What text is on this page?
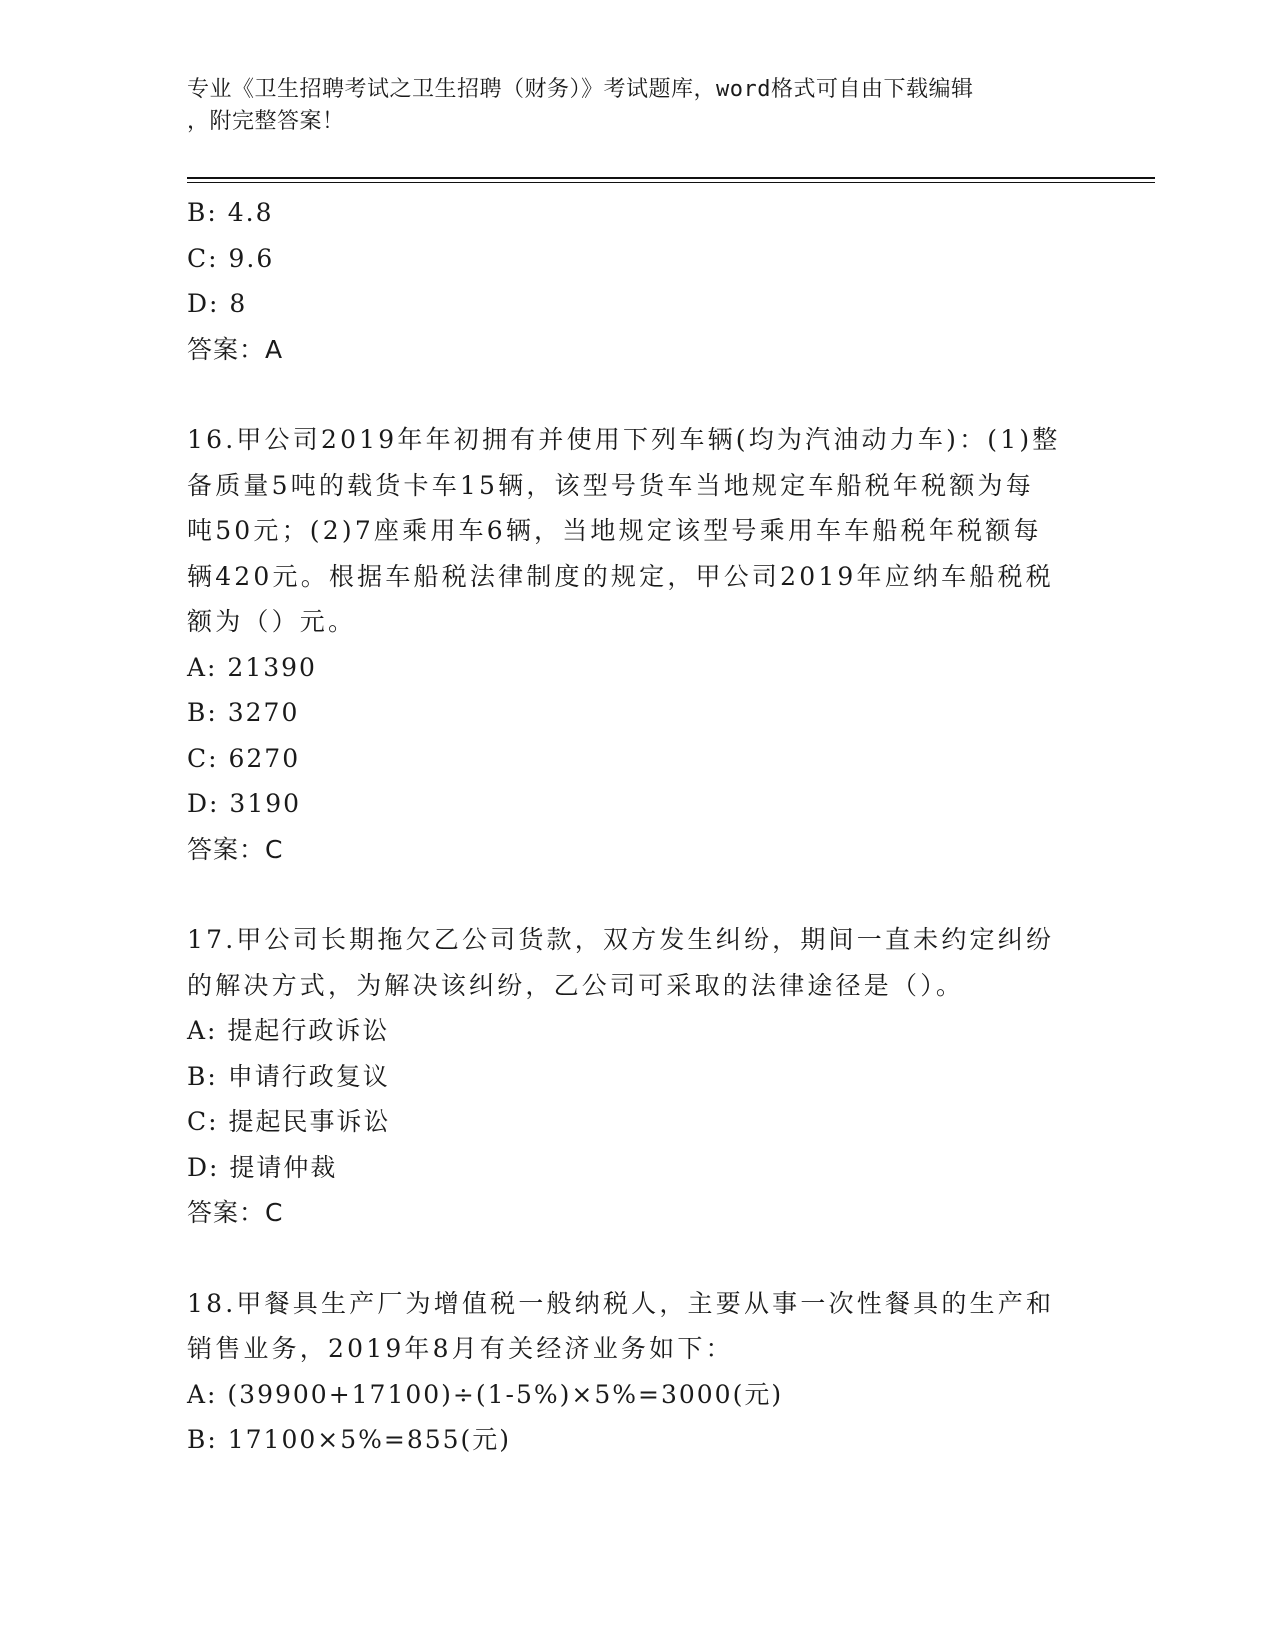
专业《卫生招聘考试之卫生招聘（财务）》考试题库，word格式可自由下载编辑
，附完整答案！
B: 4.8
C: 9.6
D: 8
答案：A
16.甲公司2019年年初拥有并使用下列车辆(均为汽油动力车)：(1)整
备质量5吨的载货卡车15辆，该型号货车当地规定车船税年税额为每
吨50元；(2)7座乘用车6辆，当地规定该型号乘用车车船税年税额每
辆420元。根据车船税法律制度的规定，甲公司2019年应纳车船税税
额为（）元。
A: 21390
B: 3270
C: 6270
D: 3190
答案：C
17.甲公司长期拖欠乙公司货款，双方发生纠纷，期间一直未约定纠纷
的解决方式，为解决该纠纷，乙公司可采取的法律途径是（）。
A: 提起行政诉讼
B: 申请行政复议
C: 提起民事诉讼
D: 提请仲裁
答案：C
18.甲餐具生产厂为增值税一般纳税人，主要从事一次性餐具的生产和
销售业务，2019年8月有关经济业务如下：
A: (39900+17100)÷(1-5%)×5%=3000(元)
B: 17100×5%=855(元)
